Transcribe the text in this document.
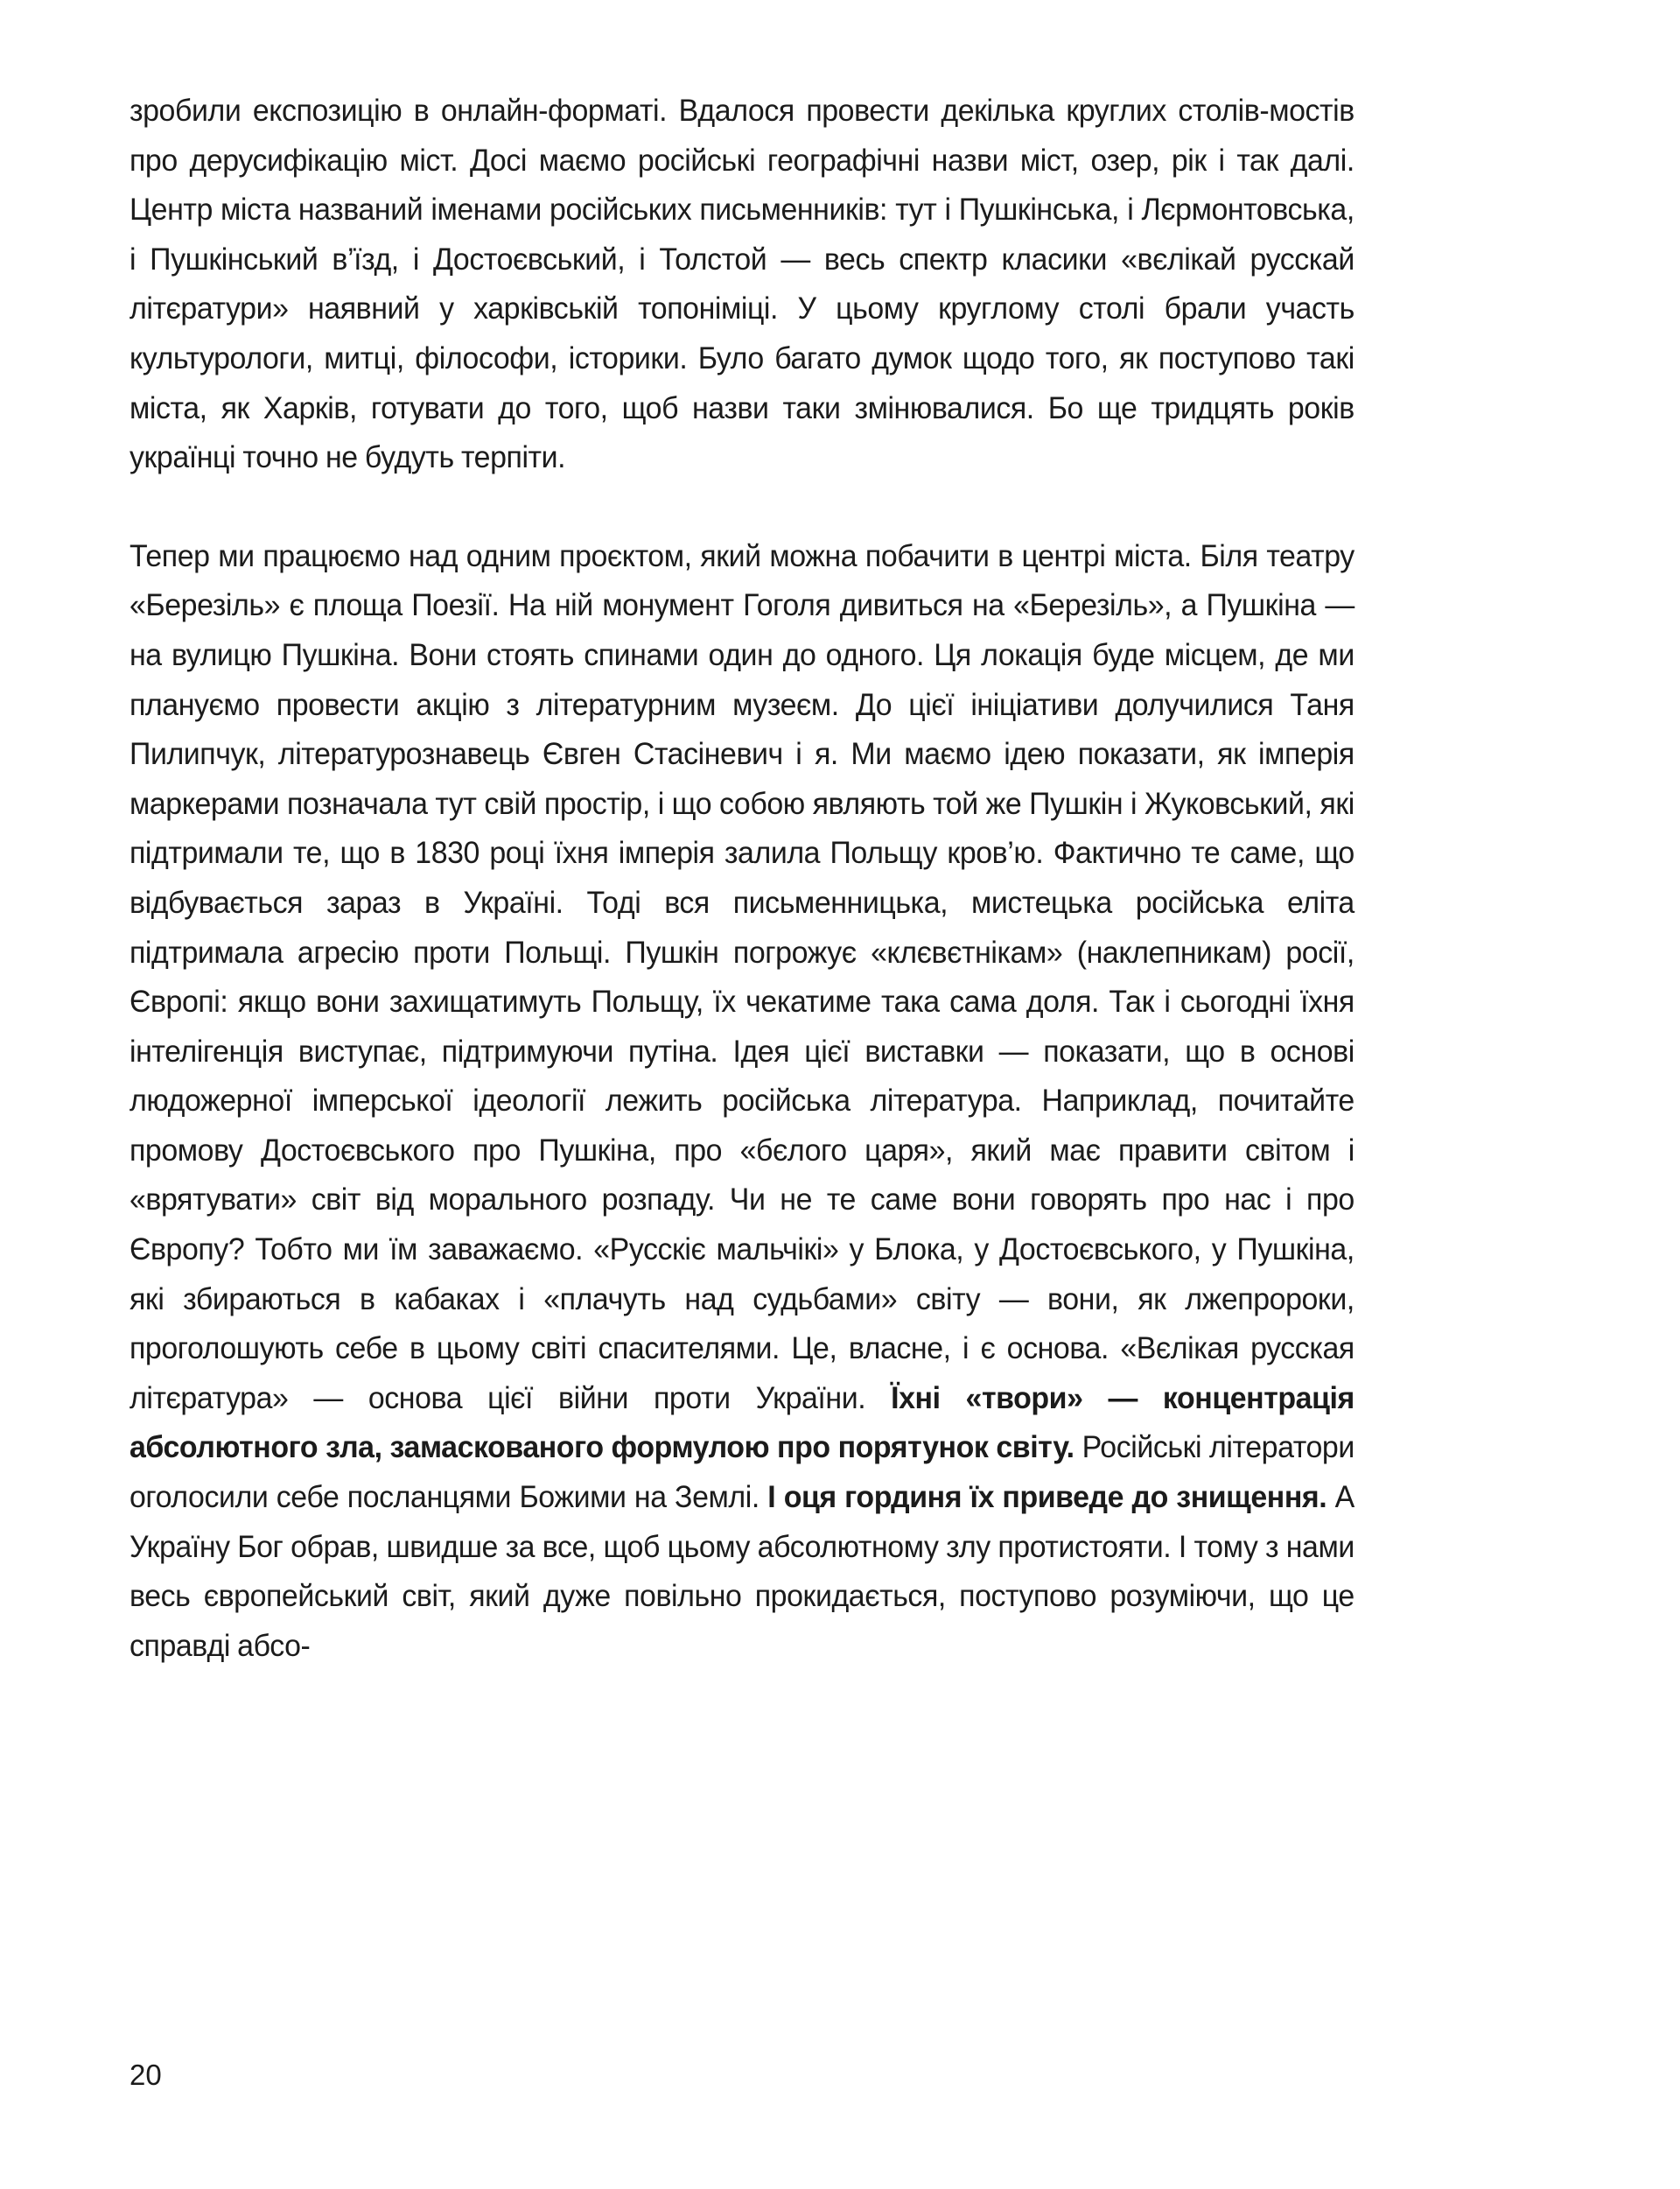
зробили експозицію в онлайн-форматі. Вдалося провести декілька круглих столів-мостів про дерусифікацію міст. Досі маємо російські географічні назви міст, озер, рік і так далі. Центр міста названий іменами російських письменників: тут і Пушкінська, і Лєрмонтовська, і Пушкінський в’їзд, і Достоєвський, і Толстой — весь спектр класики «вєлікай русскай літєратури» наявний у харківській топоніміці. У цьому круглому столі брали участь культурологи, митці, філософи, історики. Було багато думок щодо того, як поступово такі міста, як Харків, готувати до того, щоб назви таки змінювалися. Бо ще тридцять років українці точно не будуть терпіти.

Тепер ми працюємо над одним проєктом, який можна побачити в центрі міста. Біля театру «Березіль» є площа Поезії. На ній монумент Гоголя дивиться на «Березіль», а Пушкіна — на вулицю Пушкіна. Вони стоять спинами один до одного. Ця локація буде місцем, де ми плануємо провести акцію з літературним музеєм. До цієї ініціативи долучилися Таня Пилипчук, літературознавець Євген Стасіневич і я. Ми маємо ідею показати, як імперія маркерами позначала тут свій простір, і що собою являють той же Пушкін і Жуковський, які підтримали те, що в 1830 році їхня імперія залила Польщу кров’ю. Фактично те саме, що відбувається зараз в Україні. Тоді вся письменницька, мистецька російська еліта підтримала агресію проти Польщі. Пушкін погрожує «клєвєтнікам» (наклепникам) росії, Європі: якщо вони захищатимуть Польщу, їх чекатиме така сама доля. Так і сьогодні їхня інтелігенція виступає, підтримуючи путіна. Ідея цієї виставки — показати, що в основі людожерної імперської ідеології лежить російська література. Наприклад, почитайте промову Достоєвського про Пушкіна, про «бєлого царя», який має правити світом і «врятувати» світ від морального розпаду. Чи не те саме вони говорять про нас і про Європу? Тобто ми їм заважаємо. «Русскіє мальчікі» у Блока, у Достоєвського, у Пушкіна, які збираються в кабаках і «плачуть над судьбами» світу — вони, як лжепророки, проголошують себе в цьому світі спасителями. Це, власне, і є основа. «Вєлікая русская літєратура» — основа цієї війни проти України. Їхні «твори» — концентрація абсолютного зла, замаскованого формулою про порятунок світу. Російські літератори оголосили себе посланцями Божими на Землі. І оця гординя їх приведе до знищення. А Україну Бог обрав, швидше за все, щоб цьому абсолютному злу протистояти. І тому з нами весь європейський світ, який дуже повільно прокидається, поступово розуміючи, що це справді абсо-

20
